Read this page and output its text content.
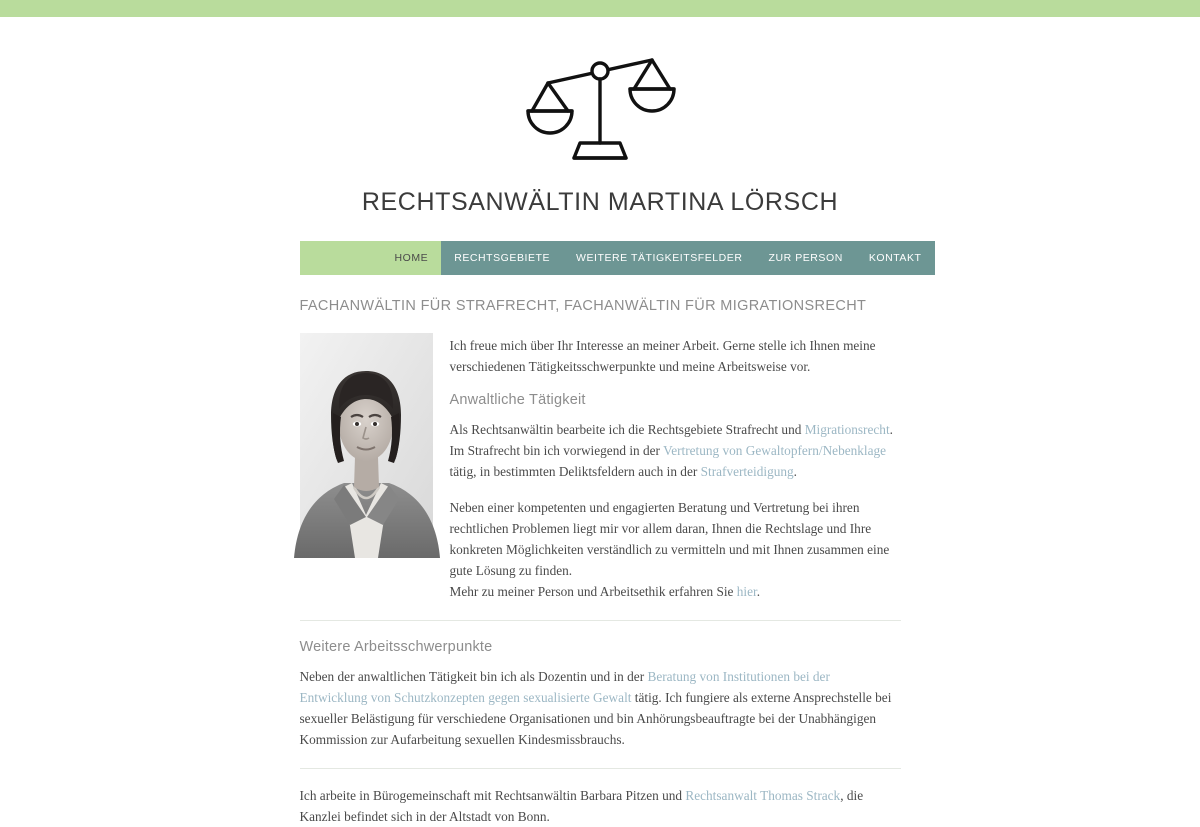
RECHTSANWÄLTIN MARTINA LÖRSCH
HOME RECHTSGEBIETE WEITERE TÄTIGKEITSFELDER ZUR PERSON KONTAKT
FACHANWÄLTIN FÜR STRAFRECHT, FACHANWÄLTIN FÜR MIGRATIONSRECHT

Ich freue mich über Ihr Interesse an meiner Arbeit. Gerne stelle ich Ihnen meine verschiedenen Tätigkeitsschwerpunkte und meine Arbeitsweise vor.

Anwaltliche Tätigkeit

Als Rechtsanwältin bearbeite ich die Rechtsgebiete Strafrecht und Migrationsrecht. Im Strafrecht bin ich vorwiegend in der Vertretung von Gewaltopfern/Nebenklage tätig, in bestimmten Deliktsfeldern auch in der Strafverteidigung.

Neben einer kompetenten und engagierten Beratung und Vertretung bei ihren rechtlichen Problemen liegt mir vor allem daran, Ihnen die Rechtslage und Ihre konkreten Möglichkeiten verständlich zu vermitteln und mit Ihnen zusammen eine gute Lösung zu finden.

Mehr zu meiner Person und Arbeitsethik erfahren Sie hier.

Weitere Arbeitsschwerpunkte

Neben der anwaltlichen Tätigkeit bin ich als Dozentin und in der Beratung von Institutionen bei der Entwicklung von Schutzkonzepten gegen sexualisierte Gewalt tätig. Ich fungiere als externe Ansprechstelle bei sexueller Belästigung für verschiedene Organisationen und bin Anhörungsbeauftragte bei der Unabhängigen Kommission zur Aufarbeitung sexuellen Kindesmissbrauchs.

Ich arbeite in Bürogemeinschaft mit Rechtsanwältin Barbara Pitzen und Rechtsanwalt Thomas Strack, die Kanzlei befindet sich in der Altstadt von Bonn.
